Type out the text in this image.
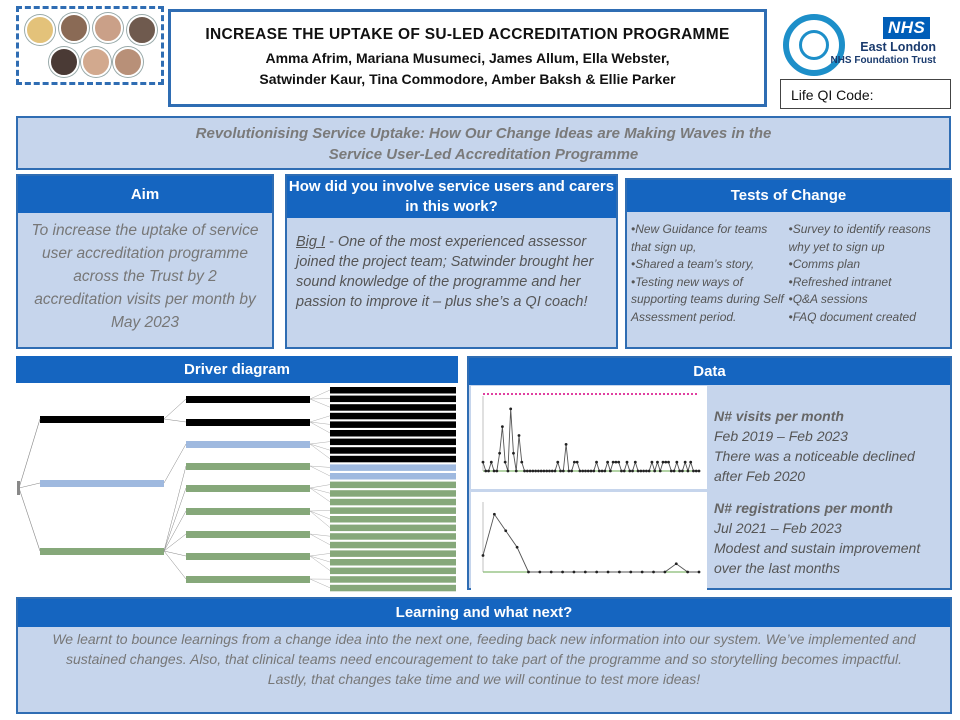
INCREASE THE UPTAKE OF SU-LED ACCREDITATION PROGRAMME
Amma Afrim, Mariana Musumeci, James Allum, Ella Webster,
Satwinder Kaur, Tina Commodore, Amber Baksh & Ellie Parker
NHS
East London
NHS Foundation Trust
Life QI Code:
Revolutionising Service Uptake: How Our Change Ideas are Making Waves in the
Service User-Led Accreditation Programme
Aim
To increase the uptake of service user accreditation programme across the Trust by 2 accreditation visits per month by May 2023
How did you involve service users and carers in this work?
Big I - One of the most experienced assessor joined the project team; Satwinder brought her sound knowledge of the programme and her passion to improve it – plus she’s a QI coach!
Tests of Change
•New Guidance for teams that sign up,
•Shared a team’s story,
•Testing new ways of supporting teams during Self Assessment period.
•Survey to identify reasons why yet to sign up
•Comms plan
•Refreshed intranet
•Q&A sessions
•FAQ document created
Driver diagram	Data
N# visits per month
Feb 2019 – Feb 2023
There was a noticeable declined after Feb 2020
N# registrations per month
Jul 2021 – Feb 2023
Modest and sustain improvement over the last months
Learning and what next?
We learnt to bounce learnings from a change idea into the next one, feeding back new information into our system. We’ve implemented and sustained changes. Also, that clinical teams need encouragement to take part of the programme and so storytelling becomes impactful.
Lastly, that changes take time and we will continue to test more ideas!
